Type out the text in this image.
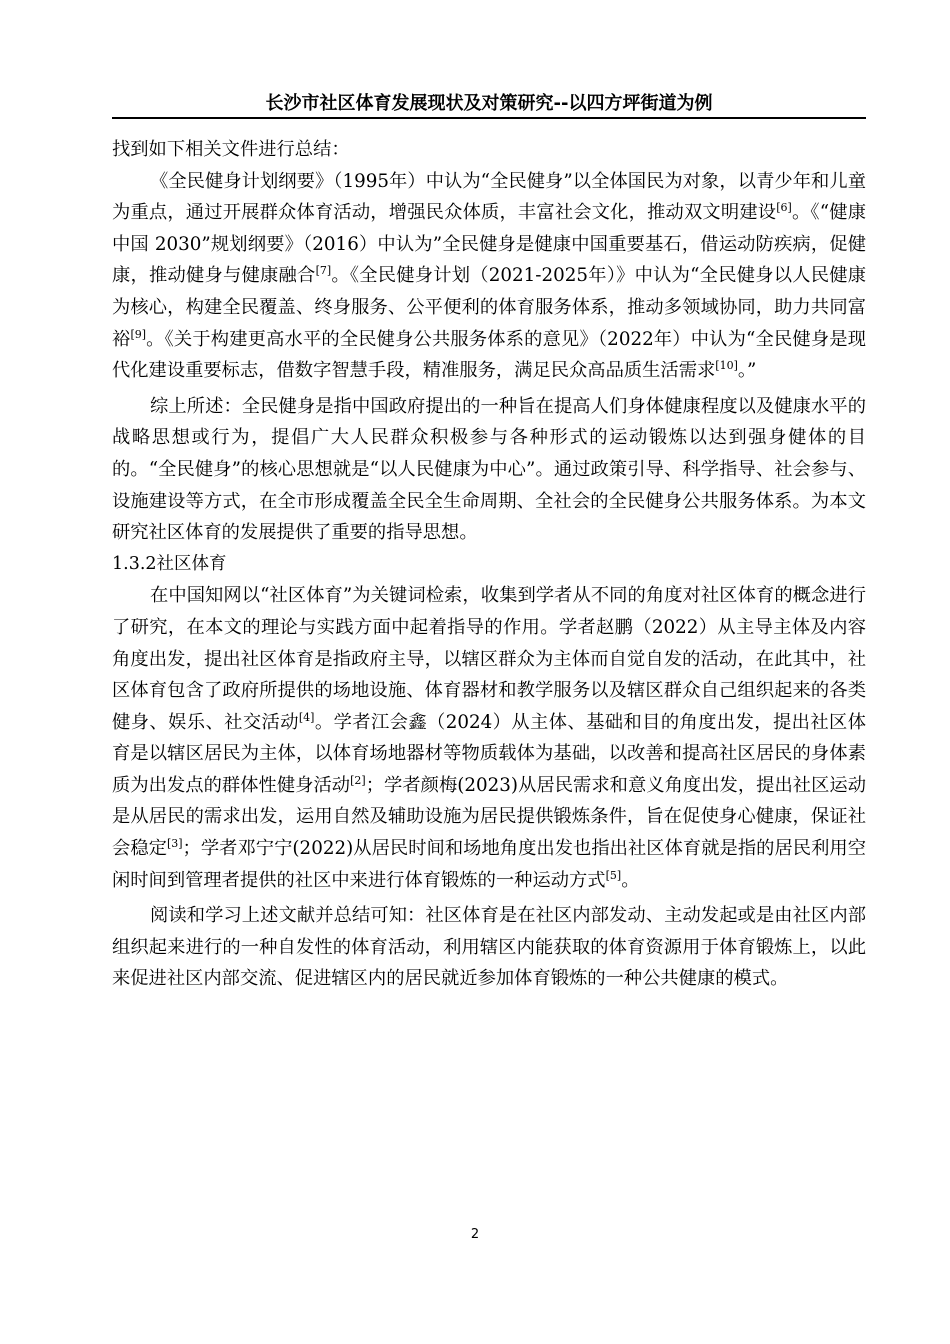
长沙市社区体育发展现状及对策研究--以四方坪街道为例

找到如下相关文件进行总结：

《全民健身计划纲要》（1995年）中认为“全民健身”以全体国民为对象，以青少年和儿童为重点，通过开展群众体育活动，增强民众体质，丰富社会文化，推动双文明建设[6]。《“健康中国 2030”规划纲要》（2016）中认为”全民健身是健康中国重要基石，借运动防疾病，促健康，推动健身与健康融合[7]。《全民健身计划（2021-2025年）》中认为“全民健身以人民健康为核心，构建全民覆盖、终身服务、公平便利的体育服务体系，推动多领域协同，助力共同富裕[9]。《关于构建更高水平的全民健身公共服务体系的意见》（2022年）中认为“全民健身是现代化建设重要标志，借数字智慧手段，精准服务，满足民众高品质生活需求[10]。”

综上所述：全民健身是指中国政府提出的一种旨在提高人们身体健康程度以及健康水平的战略思想或行为，提倡广大人民群众积极参与各种形式的运动锻炼以达到强身健体的目的。“全民健身”的核心思想就是“以人民健康为中心”。通过政策引导、科学指导、社会参与、设施建设等方式，在全市形成覆盖全民全生命周期、全社会的全民健身公共服务体系。为本文研究社区体育的发展提供了重要的指导思想。

1.3.2社区体育

在中国知网以“社区体育”为关键词检索，收集到学者从不同的角度对社区体育的概念进行了研究，在本文的理论与实践方面中起着指导的作用。学者赵鹏（2022）从主导主体及内容角度出发，提出社区体育是指政府主导，以辖区群众为主体而自觉自发的活动，在此其中，社区体育包含了政府所提供的场地设施、体育器材和教学服务以及辖区群众自己组织起来的各类健身、娱乐、社交活动[4]。学者江会鑫（2024）从主体、基础和目的角度出发，提出社区体育是以辖区居民为主体，以体育场地器材等物质载体为基础，以改善和提高社区居民的身体素质为出发点的群体性健身活动[2]；学者颜梅(2023)从居民需求和意义角度出发，提出社区运动是从居民的需求出发，运用自然及辅助设施为居民提供锻炼条件，旨在促使身心健康，保证社会稳定[3]；学者邓宁宁(2022)从居民时间和场地角度出发也指出社区体育就是指的居民利用空闲时间到管理者提供的社区中来进行体育锻炼的一种运动方式[5]。

阅读和学习上述文献并总结可知：社区体育是在社区内部发动、主动发起或是由社区内部组织起来进行的一种自发性的体育活动，利用辖区内能获取的体育资源用于体育锻炼上，以此来促进社区内部交流、促进辖区内的居民就近参加体育锻炼的一种公共健康的模式。

2
